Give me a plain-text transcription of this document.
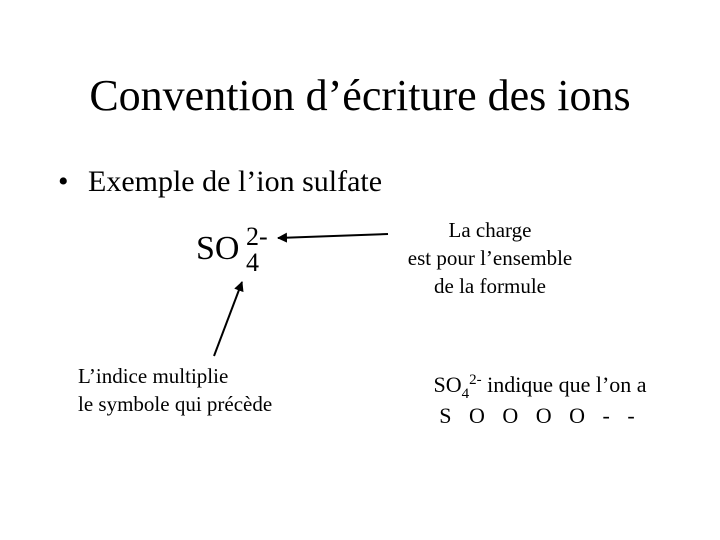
Convention d’écriture des ions
• Exemple de l’ion sulfate
SO 2-
4
La charge
est pour l’ensemble
de la formule
L’indice multiplie
le symbole qui précède
$SO_4^{2-}$ indique que l’on a
S O O O O - -
